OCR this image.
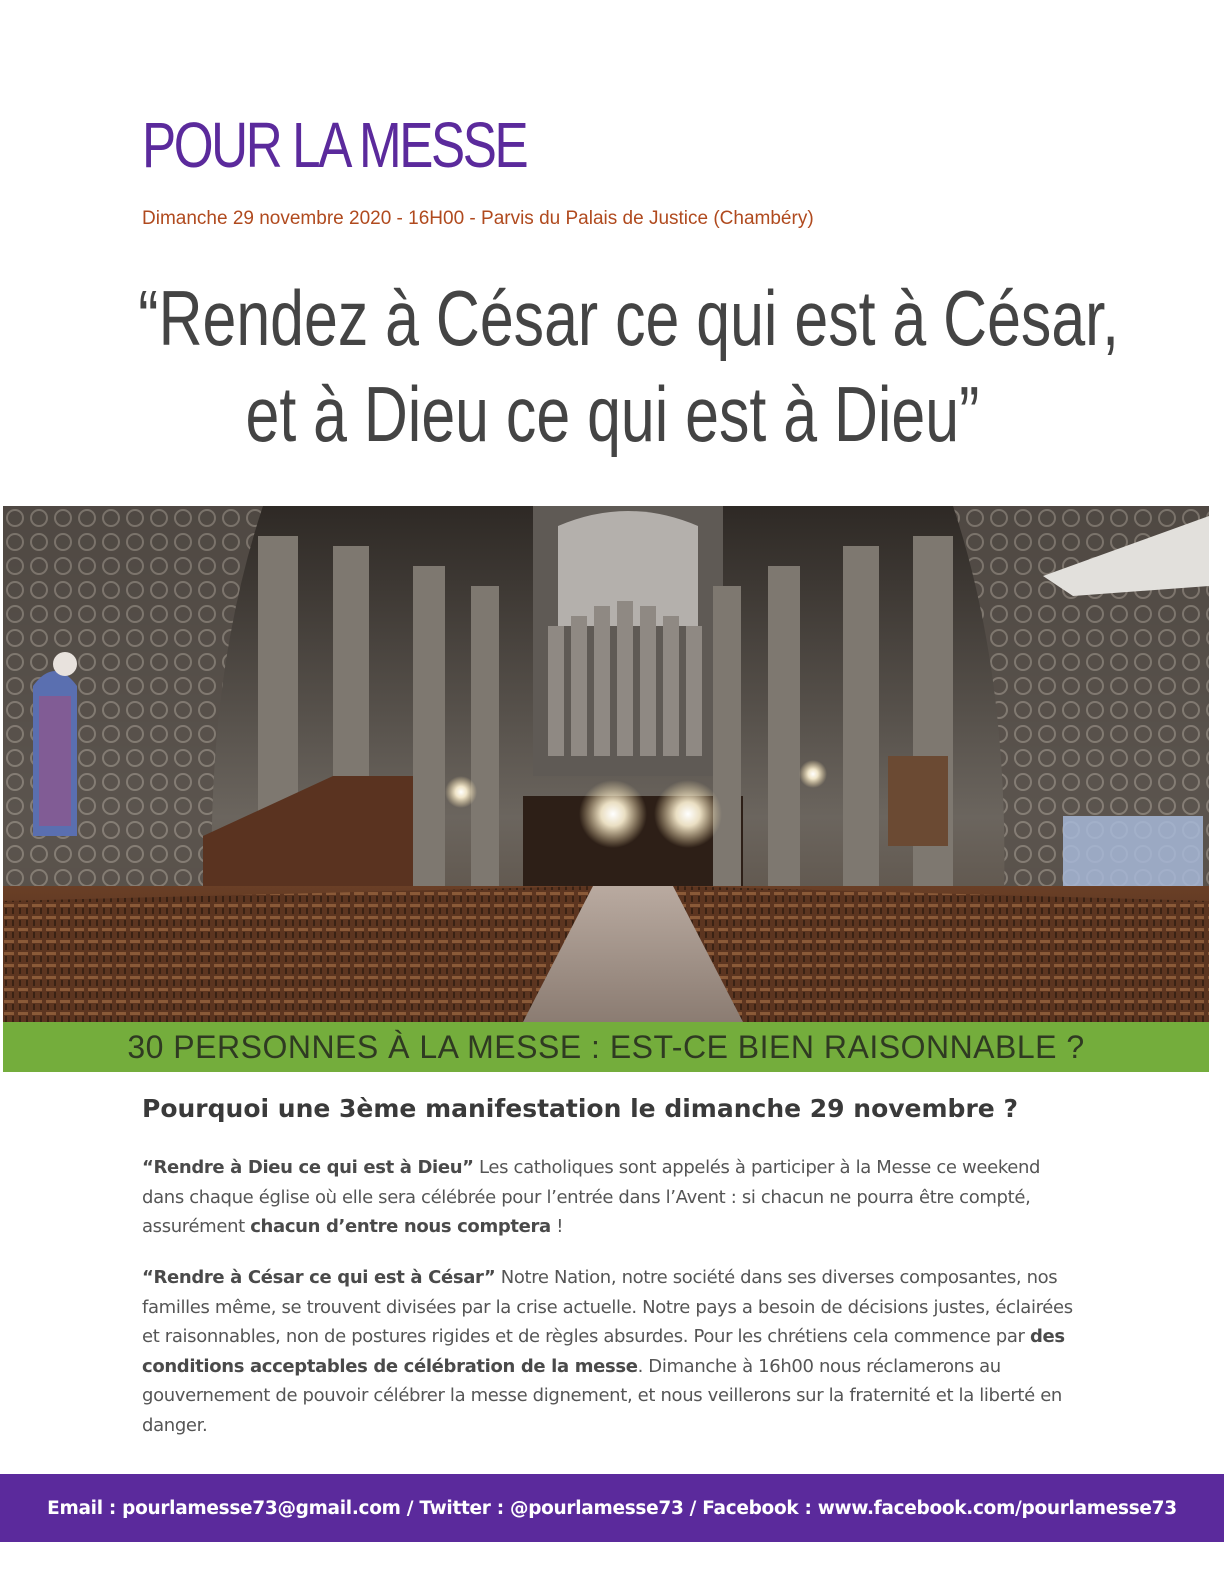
POUR LA MESSE
Dimanche 29 novembre 2020 - 16H00 - Parvis du Palais de Justice (Chambéry)
“Rendez à César ce qui est à César,
et à Dieu ce qui est à Dieu”
30 PERSONNES À LA MESSE : EST-CE BIEN RAISONNABLE ?
Pourquoi une 3ème manifestation le dimanche 29 novembre ?

“Rendre à Dieu ce qui est à Dieu” Les catholiques sont appelés à participer à la Messe ce weekend dans chaque église où elle sera célébrée pour l’entrée dans l’Avent : si chacun ne pourra être compté, assurément chacun d’entre nous comptera !

“Rendre à César ce qui est à César” Notre Nation, notre société dans ses diverses composantes, nos familles même, se trouvent divisées par la crise actuelle. Notre pays a besoin de décisions justes, éclairées et raisonnables, non de postures rigides et de règles absurdes. Pour les chrétiens cela commence par des conditions acceptables de célébration de la messe. Dimanche à 16h00 nous réclamerons au gouvernement de pouvoir célébrer la messe dignement, et nous veillerons sur la fraternité et la liberté en danger.

Email : pourlamesse73@gmail.com / Twitter : @pourlamesse73 / Facebook : www.facebook.com/pourlamesse73
